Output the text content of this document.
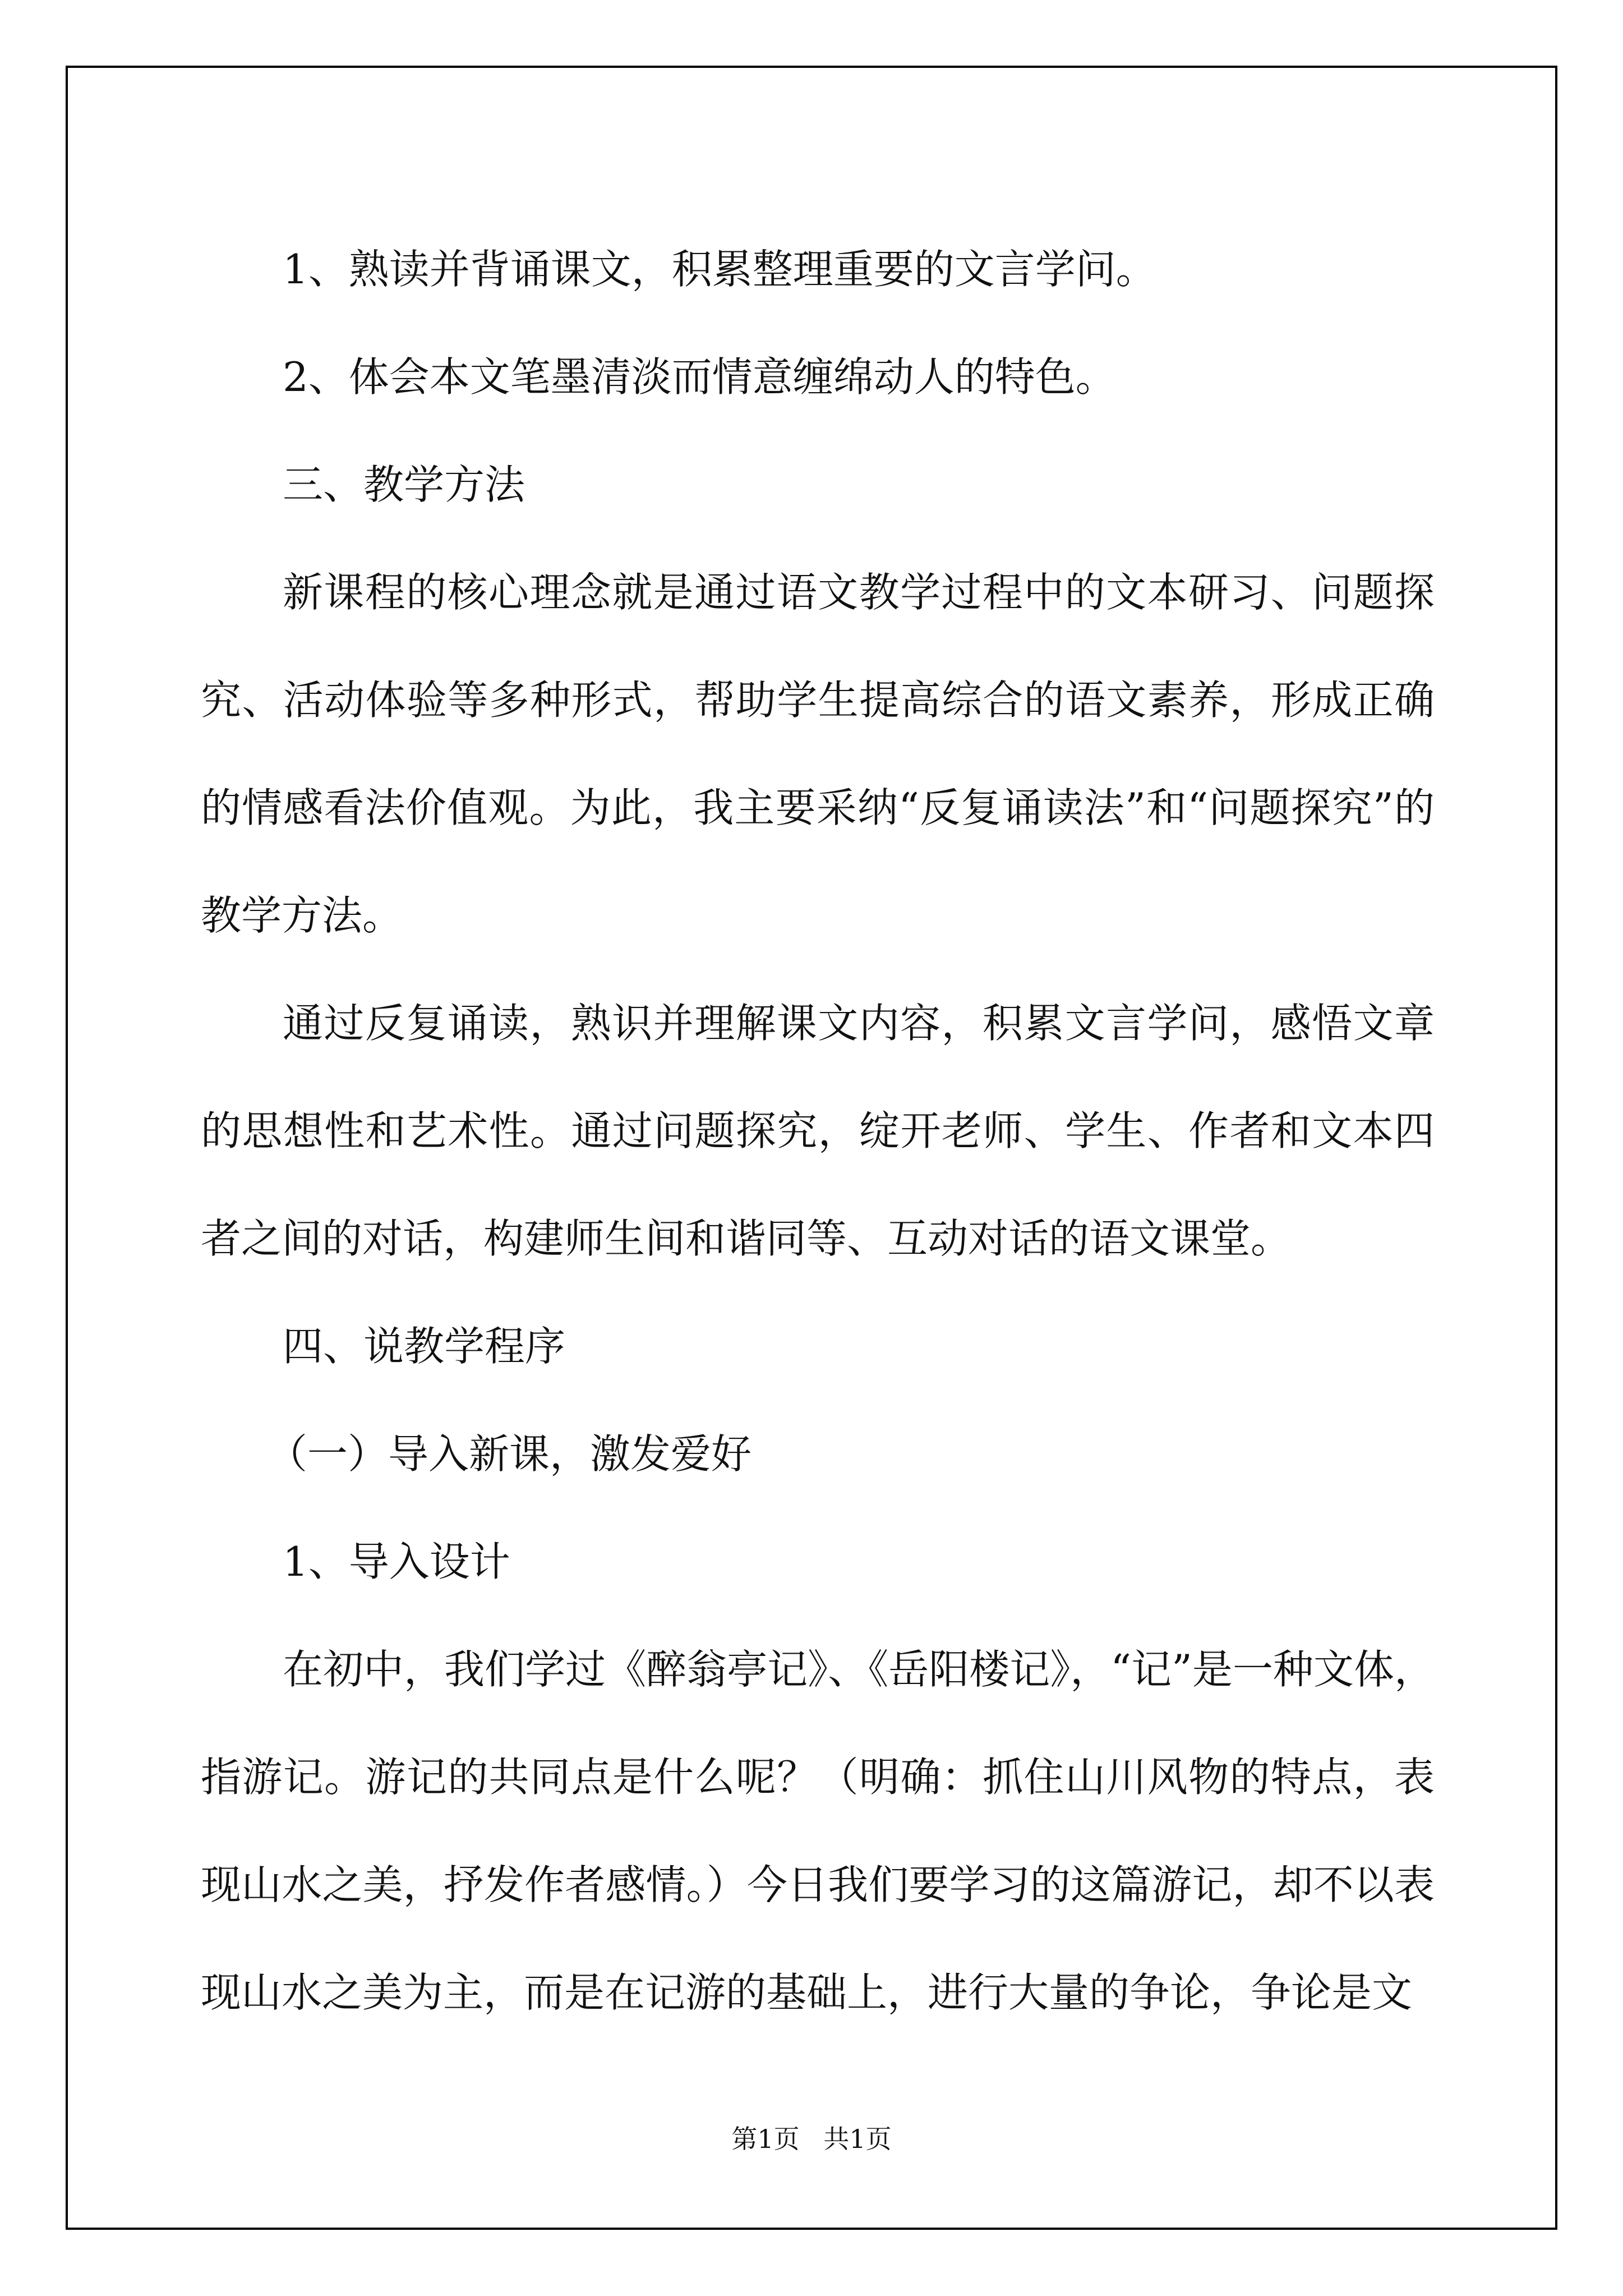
1、熟读并背诵课文，积累整理重要的文言学问。

2、体会本文笔墨清淡而情意缠绵动人的特色。

三、教学方法

新课程的核心理念就是通过语文教学过程中的文本研习、问题探究、活动体验等多种形式，帮助学生提高综合的语文素养，形成正确的情感看法价值观。为此，我主要采纳“反复诵读法”和“问题探究”的教学方法。

通过反复诵读，熟识并理解课文内容，积累文言学问，感悟文章的思想性和艺术性。通过问题探究，绽开老师、学生、作者和文本四者之间的对话，构建师生间和谐同等、互动对话的语文课堂。

四、说教学程序

（一）导入新课，激发爱好

1、导入设计

在初中，我们学过《醉翁亭记》、《岳阳楼记》，“记”是一种文体，指游记。游记的共同点是什么呢？（明确：抓住山川风物的特点，表现山水之美，抒发作者感情。）今日我们要学习的这篇游记，却不以表现山水之美为主，而是在记游的基础上，进行大量的争论，争论是文

第1页 共1页
